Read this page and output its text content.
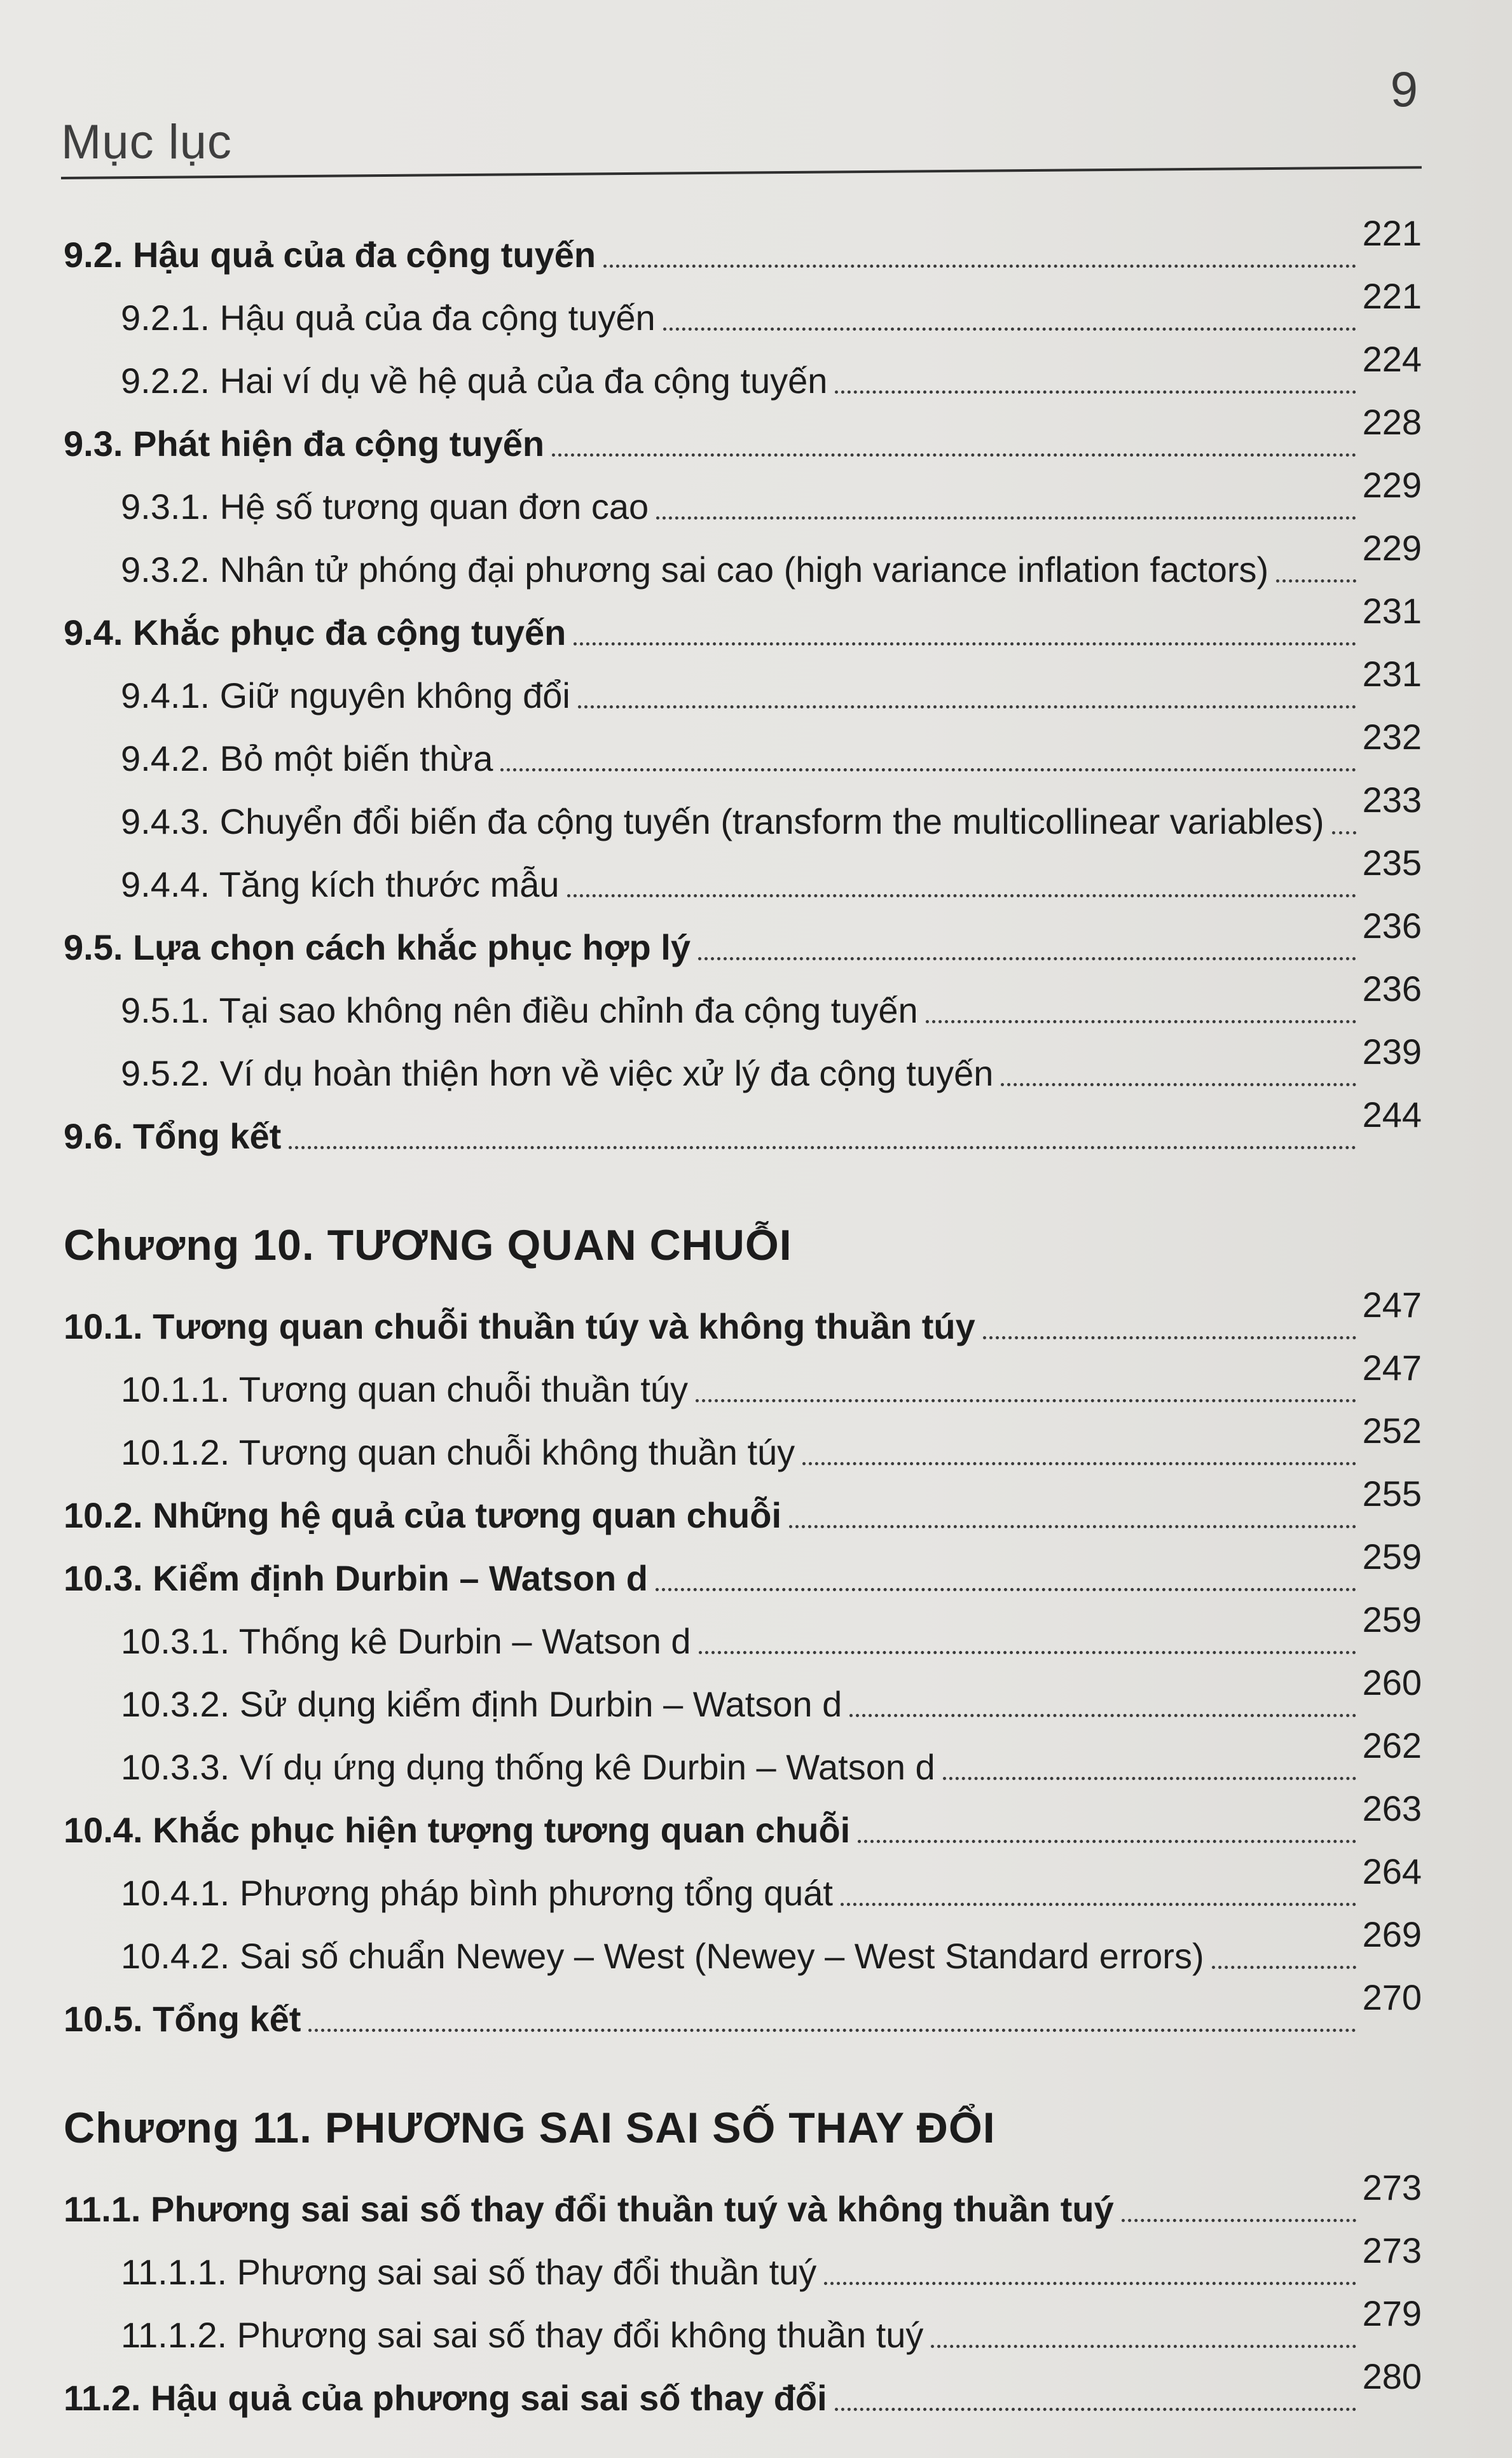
9
Mục lục
9.2. Hậu quả của đa cộng tuyến
221
9.2.1. Hậu quả của đa cộng tuyến
221
9.2.2. Hai ví dụ về hệ quả của đa cộng tuyến
224
9.3. Phát hiện đa cộng tuyến
228
9.3.1. Hệ số tương quan đơn cao
229
9.3.2. Nhân tử phóng đại phương sai cao (high variance inflation factors)
229
9.4. Khắc phục đa cộng tuyến
231
9.4.1. Giữ nguyên không đổi
231
9.4.2. Bỏ một biến thừa
232
9.4.3. Chuyển đổi biến đa cộng tuyến (transform the multicollinear variables)
233
9.4.4. Tăng kích thước mẫu
235
9.5. Lựa chọn cách khắc phục hợp lý
236
9.5.1. Tại sao không nên điều chỉnh đa cộng tuyến
236
9.5.2. Ví dụ hoàn thiện hơn về việc xử lý đa cộng tuyến
239
9.6. Tổng kết
244
Chương 10. TƯƠNG QUAN CHUỖI
10.1. Tương quan chuỗi thuần túy và không thuần túy
247
10.1.1. Tương quan chuỗi thuần túy
247
10.1.2. Tương quan chuỗi không thuần túy
252
10.2. Những hệ quả của tương quan chuỗi
255
10.3. Kiểm định Durbin – Watson d
259
10.3.1. Thống kê Durbin – Watson d
259
10.3.2. Sử dụng kiểm định Durbin – Watson d
260
10.3.3. Ví dụ ứng dụng thống kê Durbin – Watson d
262
10.4. Khắc phục hiện tượng tương quan chuỗi
263
10.4.1. Phương pháp bình phương tổng quát
264
10.4.2. Sai số chuẩn Newey – West (Newey – West Standard errors)
269
10.5. Tổng kết
270
Chương 11. PHƯƠNG SAI SAI SỐ THAY ĐỔI
11.1. Phương sai sai số thay đổi thuần tuý và không thuần tuý
273
11.1.1. Phương sai sai số thay đổi thuần tuý
273
11.1.2. Phương sai sai số thay đổi không thuần tuý
279
11.2. Hậu quả của phương sai sai số thay đổi
280
